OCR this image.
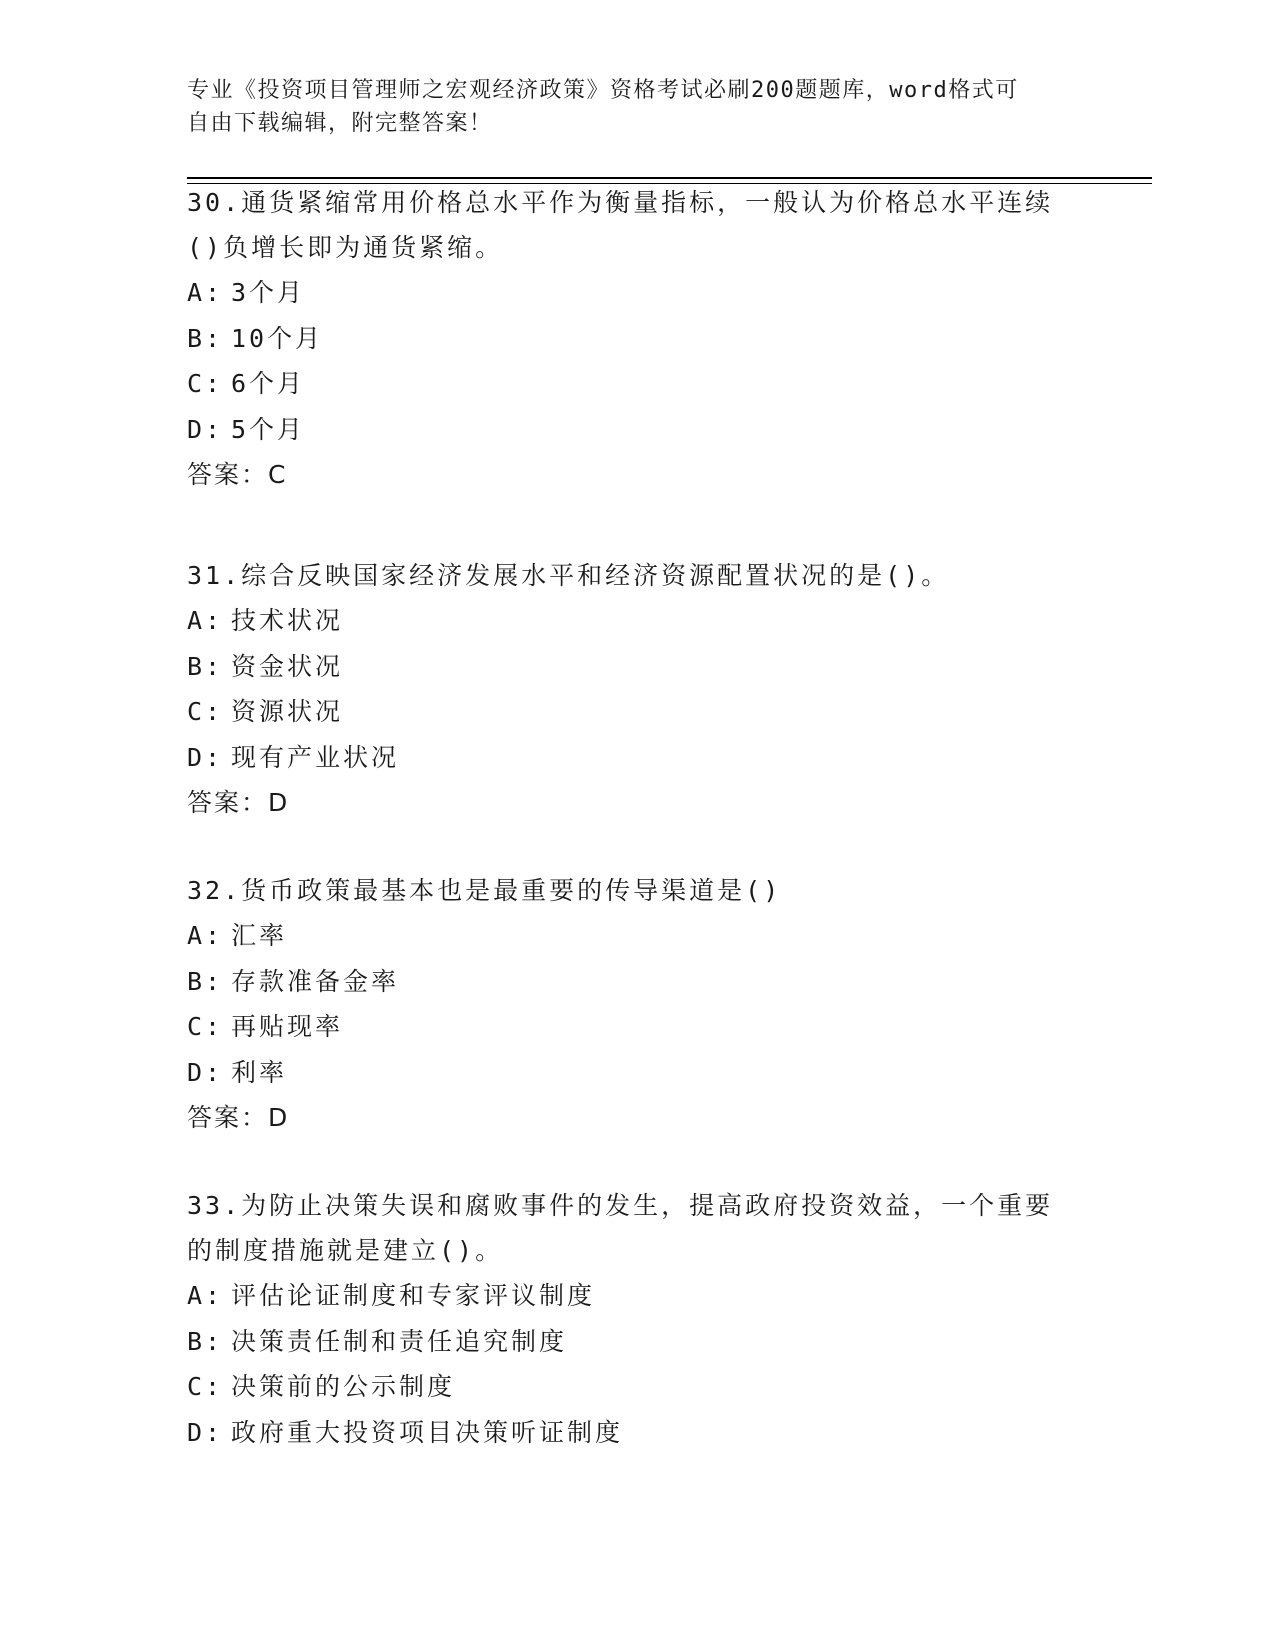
专业《投资项目管理师之宏观经济政策》资格考试必刷200题题库，word格式可
自由下载编辑，附完整答案！
30.通货紧缩常用价格总水平作为衡量指标，一般认为价格总水平连续
()负增长即为通货紧缩。
A: 3个月
B: 10个月
C: 6个月
D: 5个月
答案：C
31.综合反映国家经济发展水平和经济资源配置状况的是()。
A: 技术状况
B: 资金状况
C: 资源状况
D: 现有产业状况
答案：D
32.货币政策最基本也是最重要的传导渠道是()
A: 汇率
B: 存款准备金率
C: 再贴现率
D: 利率
答案：D
33.为防止决策失误和腐败事件的发生，提高政府投资效益，一个重要
的制度措施就是建立()。
A: 评估论证制度和专家评议制度
B: 决策责任制和责任追究制度
C: 决策前的公示制度
D: 政府重大投资项目决策听证制度
